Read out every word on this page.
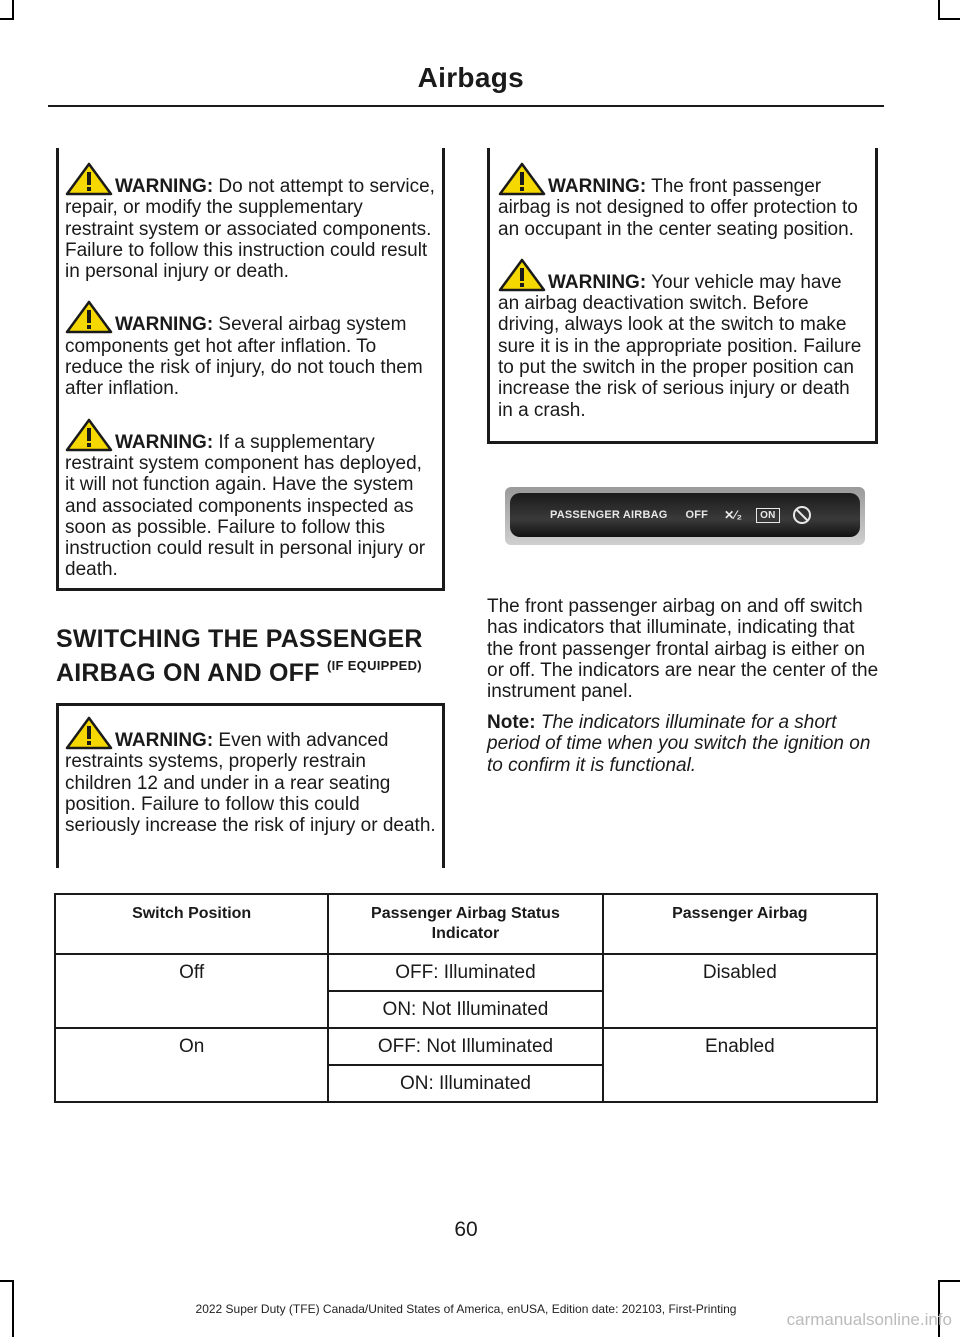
Airbags

WARNING: Do not attempt to service, repair, or modify the supplementary restraint system or associated components. Failure to follow this instruction could result in personal injury or death.

WARNING: Several airbag system components get hot after inflation. To reduce the risk of injury, do not touch them after inflation.

WARNING: If a supplementary restraint system component has deployed, it will not function again. Have the system and associated components inspected as soon as possible. Failure to follow this instruction could result in personal injury or death.

SWITCHING THE PASSENGER AIRBAG ON AND OFF (IF EQUIPPED)

WARNING: Even with advanced restraints systems, properly restrain children 12 and under in a rear seating position. Failure to follow this could seriously increase the risk of injury or death.

WARNING: The front passenger airbag is not designed to offer protection to an occupant in the center seating position.

WARNING: Your vehicle may have an airbag deactivation switch. Before driving, always look at the switch to make sure it is in the appropriate position. Failure to put the switch in the proper position can increase the risk of serious injury or death in a crash.

PASSENGER AIRBAG OFF ✕⁄₂	ON

The front passenger airbag on and off switch has indicators that illuminate, indicating that the front passenger frontal airbag is either on or off. The indicators are near the center of the instrument panel.

Note: The indicators illuminate for a short period of time when you switch the ignition on to confirm it is functional.

Switch Position	Passenger Airbag Status Indicator	Passenger Airbag
Off	OFF: Illuminated	Disabled
	ON: Not Illuminated	
On	OFF: Not Illuminated	Enabled
	ON: Illuminated	
60
2022 Super Duty (TFE) Canada/United States of America, enUSA, Edition date: 202103, First-Printing
carmanualsonline.info
